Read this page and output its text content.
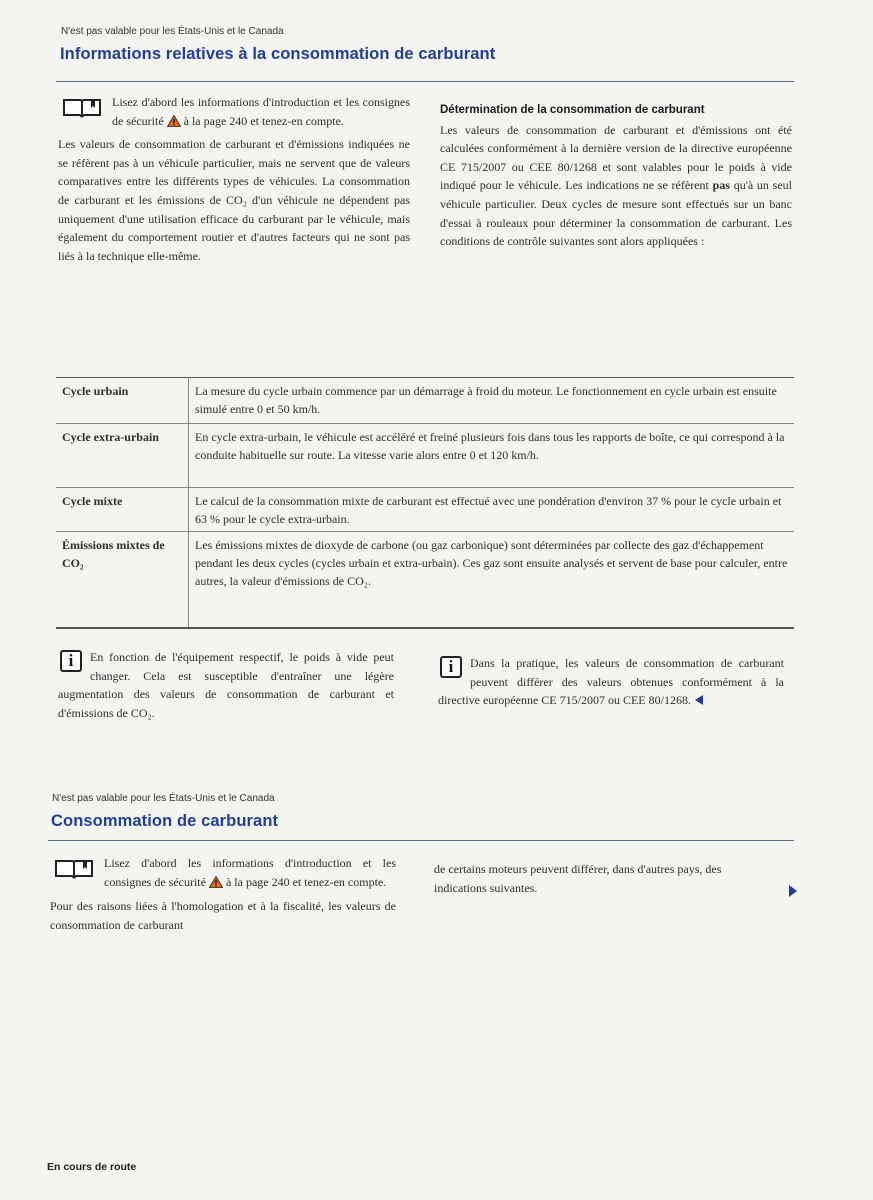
N'est pas valable pour les États-Unis et le Canada
Informations relatives à la consommation de carburant

Lisez d'abord les informations d'introduction et les consignes de sécurité à la page 240 et tenez-en compte.

Les valeurs de consommation de carburant et d'émissions indiquées ne se réfèrent pas à un véhicule particulier, mais ne servent que de valeurs comparatives entre les différents types de véhicules. La consommation de carburant et les émissions de CO₂ d'un véhicule ne dépendent pas uniquement d'une utilisation efficace du carburant par le véhicule, mais également du comportement routier et d'autres facteurs qui ne sont pas liés à la technique elle-même.

Détermination de la consommation de carburant

Les valeurs de consommation de carburant et d'émissions ont été calculées conformément à la dernière version de la directive européenne CE 715/2007 ou CEE 80/1268 et sont valables pour le poids à vide indiqué pour le véhicule. Les indications ne se réfèrent pas qu'à un seul véhicule particulier. Deux cycles de mesure sont effectués sur un banc d'essai à rouleaux pour déterminer la consommation de carburant. Les conditions de contrôle suivantes sont alors appliquées :

Cycle urbain	La mesure du cycle urbain commence par un démarrage à froid du moteur. Le fonctionnement en cycle urbain est ensuite simulé entre 0 et 50 km/h.
Cycle extra-urbain	En cycle extra-urbain, le véhicule est accéléré et freiné plusieurs fois dans tous les rapports de boîte, ce qui correspond à la conduite habituelle sur route. La vitesse varie alors entre 0 et 120 km/h.
Cycle mixte	Le calcul de la consommation mixte de carburant est effectué avec une pondération d'environ 37 % pour le cycle urbain et 63 % pour le cycle extra-urbain.
Émissions mixtes de CO₂	Les émissions mixtes de dioxyde de carbone (ou gaz carbonique) sont déterminées par collecte des gaz d'échappement pendant les deux cycles (cycles urbain et extra-urbain). Ces gaz sont ensuite analysés et servent de base pour calculer, entre autres, la valeur d'émissions de CO₂.
i	En fonction de l'équipement respectif, le poids à vide peut changer. Cela est susceptible d'entraîner une légère augmentation des valeurs de consommation de carburant et d'émissions de CO₂.
i	Dans la pratique, les valeurs de consommation de carburant peuvent différer des valeurs obtenues conformément à la directive européenne CE 715/2007 ou CEE 80/1268.
N'est pas valable pour les États-Unis et le Canada
Consommation de carburant

Lisez d'abord les informations d'introduction et les consignes de sécurité à la page 240 et tenez-en compte.

Pour des raisons liées à l'homologation et à la fiscalité, les valeurs de consommation de carburant

de certains moteurs peuvent différer, dans d'autres pays, des indications suivantes.
En cours de route
